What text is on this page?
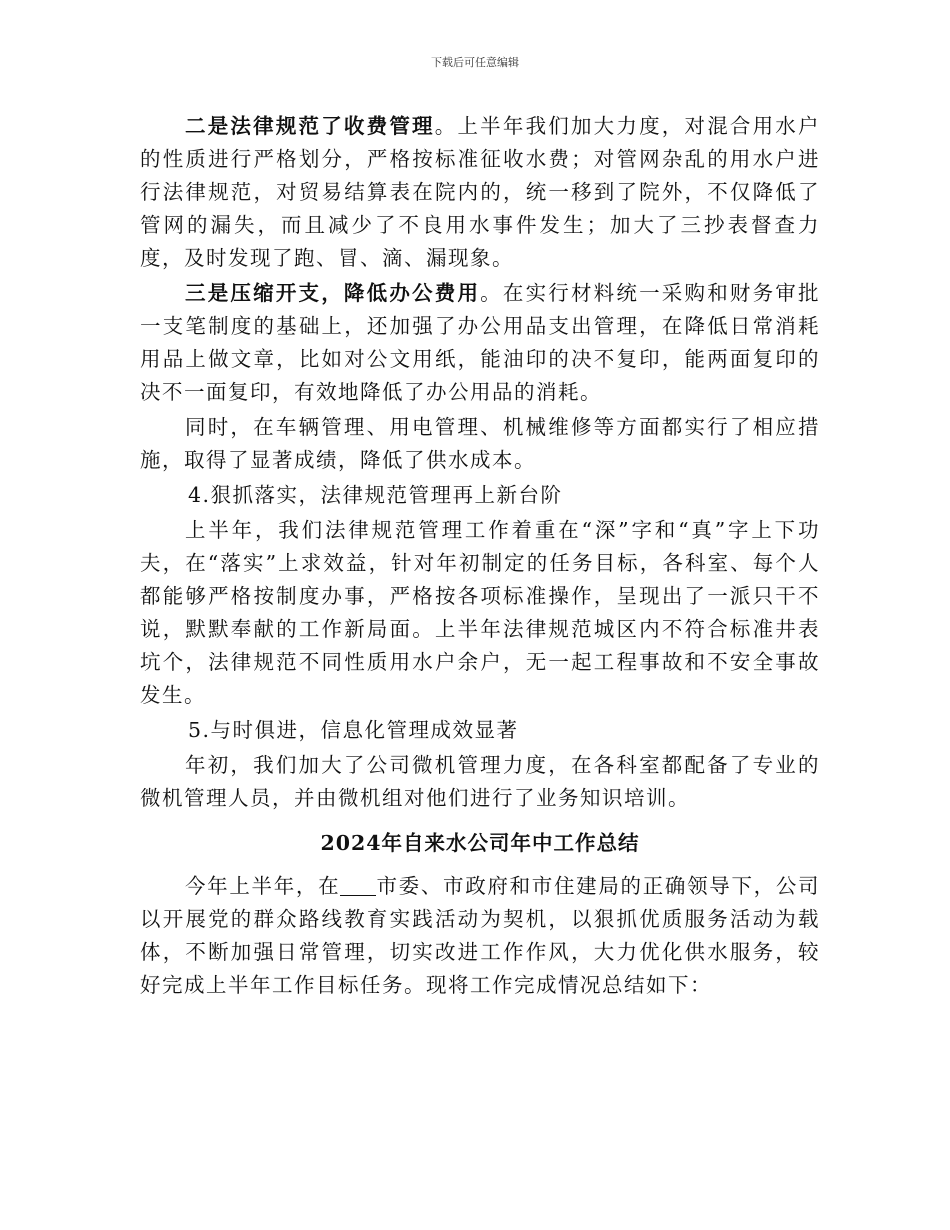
下载后可任意编辑

二是法律规范了收费管理。上半年我们加大力度，对混合用水户的性质进行严格划分，严格按标准征收水费；对管网杂乱的用水户进行法律规范，对贸易结算表在院内的，统一移到了院外，不仅降低了管网的漏失，而且减少了不良用水事件发生；加大了三抄表督查力度，及时发现了跑、冒、滴、漏现象。

三是压缩开支，降低办公费用。在实行材料统一采购和财务审批一支笔制度的基础上，还加强了办公用品支出管理，在降低日常消耗用品上做文章，比如对公文用纸，能油印的决不复印，能两面复印的决不一面复印，有效地降低了办公用品的消耗。

同时，在车辆管理、用电管理、机械维修等方面都实行了相应措施，取得了显著成绩，降低了供水成本。

4.狠抓落实，法律规范管理再上新台阶

上半年，我们法律规范管理工作着重在“深”字和“真”字上下功夫，在“落实”上求效益，针对年初制定的任务目标，各科室、每个人都能够严格按制度办事，严格按各项标准操作，呈现出了一派只干不说，默默奉献的工作新局面。上半年法律规范城区内不符合标准井表坑个，法律规范不同性质用水户余户，无一起工程事故和不安全事故发生。

5.与时俱进，信息化管理成效显著

年初，我们加大了公司微机管理力度，在各科室都配备了专业的微机管理人员，并由微机组对他们进行了业务知识培训。

2024年自来水公司年中工作总结

今年上半年，在 市委、市政府和市住建局的正确领导下，公司以开展党的群众路线教育实践活动为契机，以狠抓优质服务活动为载体，不断加强日常管理，切实改进工作作风，大力优化供水服务，较好完成上半年工作目标任务。现将工作完成情况总结如下：
